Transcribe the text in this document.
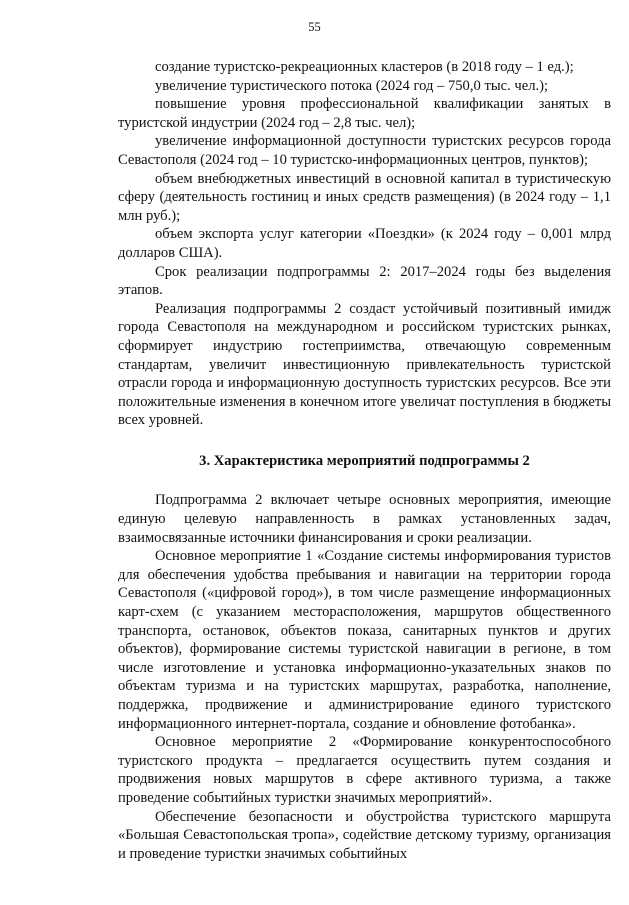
55

создание туристско-рекреационных кластеров (в 2018 году – 1 ед.);

увеличение туристического потока (2024 год – 750,0 тыс. чел.);

повышение уровня профессиональной квалификации занятых в туристской индустрии (2024 год – 2,8 тыс. чел);

увеличение информационной доступности туристских ресурсов города Севастополя (2024 год – 10 туристско-информационных центров, пунктов);

объем внебюджетных инвестиций в основной капитал в туристическую сферу (деятельность гостиниц и иных средств размещения) (в 2024 году – 1,1 млн руб.);

объем экспорта услуг категории «Поездки» (к 2024 году – 0,001 млрд долларов США).

Срок реализации подпрограммы 2: 2017–2024 годы без выделения этапов.

Реализация подпрограммы 2 создаст устойчивый позитивный имидж города Севастополя на международном и российском туристских рынках, сформирует индустрию гостеприимства, отвечающую современным стандартам, увеличит инвестиционную привлекательность туристской отрасли города и информационную доступность туристских ресурсов. Все эти положительные изменения в конечном итоге увеличат поступления в бюджеты всех уровней.

3. Характеристика мероприятий подпрограммы 2

Подпрограмма 2 включает четыре основных мероприятия, имеющие единую целевую направленность в рамках установленных задач, взаимосвязанные источники финансирования и сроки реализации.

Основное мероприятие 1 «Создание системы информирования туристов для обеспечения удобства пребывания и навигации на территории города Севастополя («цифровой город»), в том числе размещение информационных карт-схем (с указанием месторасположения, маршрутов общественного транспорта, остановок, объектов показа, санитарных пунктов и других объектов), формирование системы туристской навигации в регионе, в том числе изготовление и установка информационно-указательных знаков по объектам туризма и на туристских маршрутах, разработка, наполнение, поддержка, продвижение и администрирование единого туристского информационного интернет-портала, создание и обновление фотобанка».

Основное мероприятие 2 «Формирование конкурентоспособного туристского продукта – предлагается осуществить путем создания и продвижения новых маршрутов в сфере активного туризма, а также проведение событийных туристки значимых мероприятий».

Обеспечение безопасности и обустройства туристского маршрута «Большая Севастопольская тропа», содействие детскому туризму, организация и проведение туристки значимых событийных
